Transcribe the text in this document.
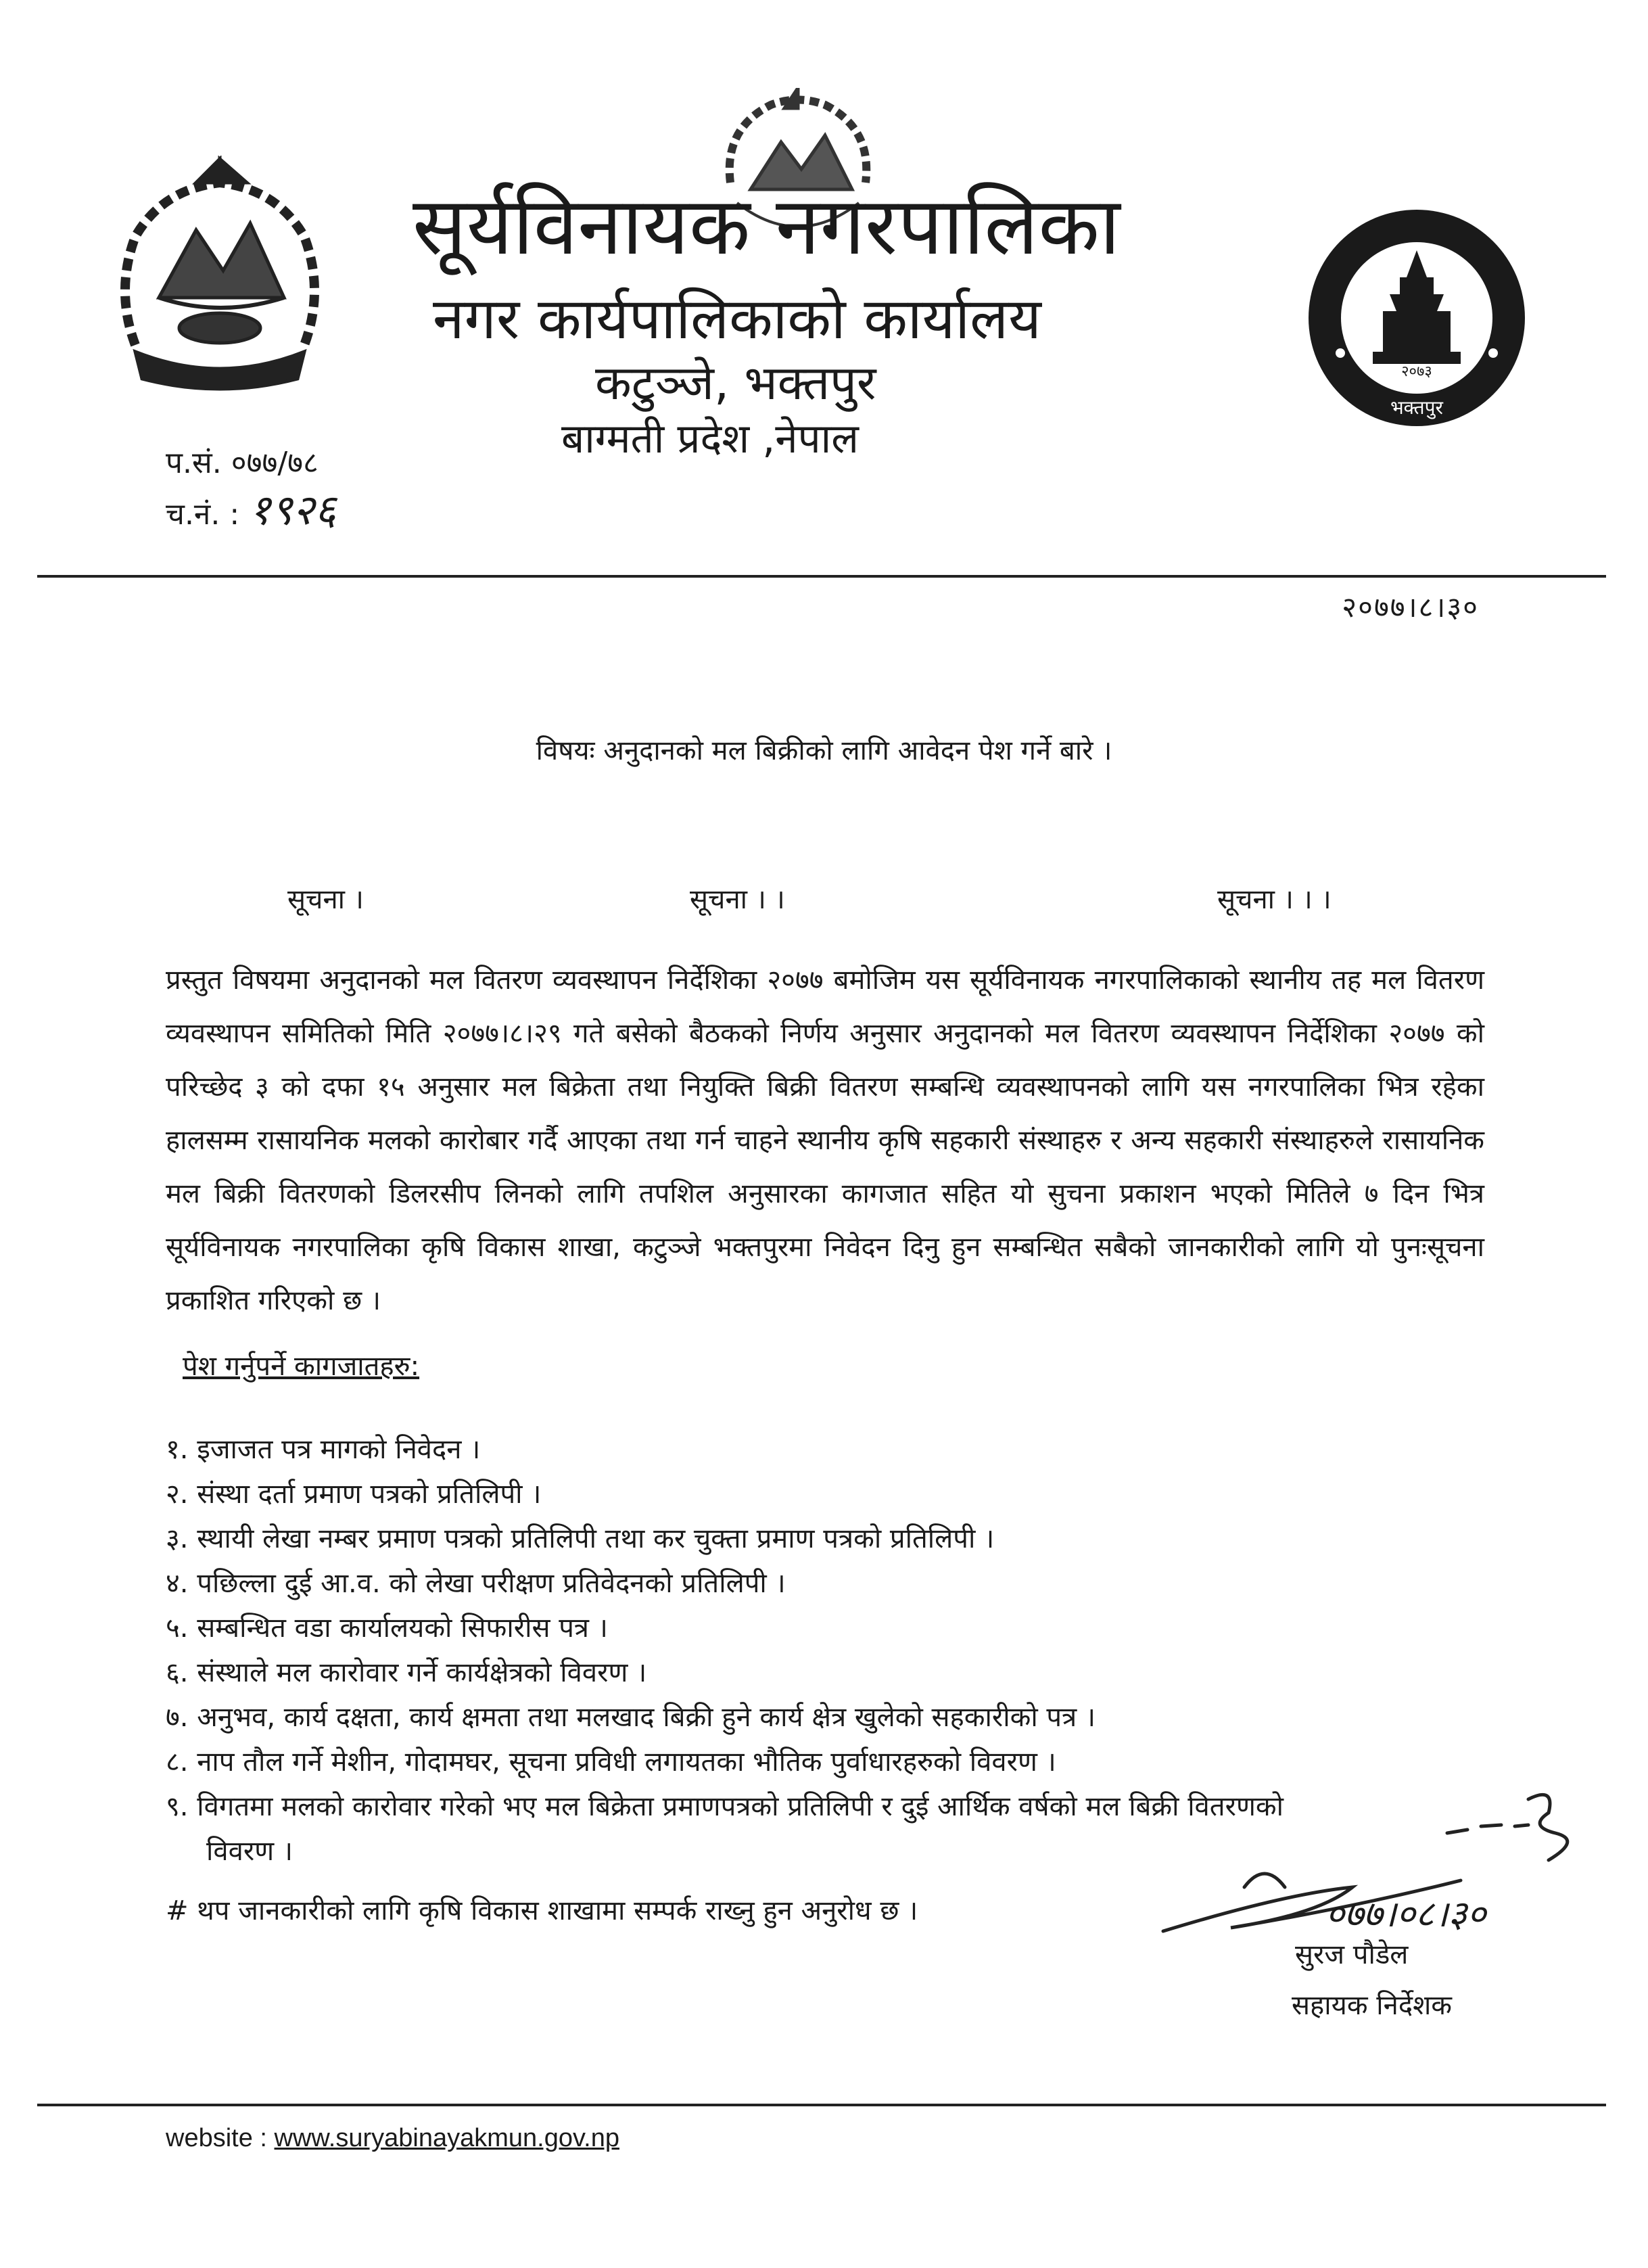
२०७३
भक्तपुर
सूर्यविनायक नगरपालिका
नगर कार्यपालिकाको कार्यालय
कटुञ्जे, भक्तपुर
बाग्मती प्रदेश ,नेपाल
प.सं. ०७७/७८
च.नं. : १९२६
२०७७।८।३०
विषयः अनुदानको मल बिक्रीको लागि आवेदन पेश गर्ने बारे ।
सूचना ।	सूचना । ।	सूचना । । ।
प्रस्तुत विषयमा अनुदानको मल वितरण व्यवस्थापन निर्देशिका २०७७ बमोजिम यस सूर्यविनायक नगरपालिकाको स्थानीय तह मल वितरण व्यवस्थापन समितिको मिति २०७७।८।२९ गते बसेको बैठकको निर्णय अनुसार अनुदानको मल वितरण व्यवस्थापन निर्देशिका २०७७ को परिच्छेद ३ को दफा १५ अनुसार मल बिक्रेता तथा नियुक्ति बिक्री वितरण सम्बन्धि व्यवस्थापनको लागि यस नगरपालिका भित्र रहेका हालसम्म रासायनिक मलको कारोबार गर्दै आएका तथा गर्न चाहने स्थानीय कृषि सहकारी संस्थाहरु र अन्य सहकारी संस्थाहरुले रासायनिक मल बिक्री वितरणको डिलरसीप लिनको लागि तपशिल अनुसारका कागजात सहित यो सुचना प्रकाशन भएको मितिले ७ दिन भित्र सूर्यविनायक नगरपालिका कृषि विकास शाखा, कटुञ्जे भक्तपुरमा निवेदन दिनु हुन सम्बन्धित सबैको जानकारीको लागि यो पुनःसूचना प्रकाशित गरिएको छ ।
पेश गर्नुपर्ने कागजातहरु:
१. इजाजत पत्र मागको निवेदन ।
२. संस्था दर्ता प्रमाण पत्रको प्रतिलिपी ।
३. स्थायी लेखा नम्बर प्रमाण पत्रको प्रतिलिपी तथा कर चुक्ता प्रमाण पत्रको प्रतिलिपी ।
४. पछिल्ला दुई आ.व. को लेखा परीक्षण प्रतिवेदनको प्रतिलिपी ।
५. सम्बन्धित वडा कार्यालयको सिफारीस पत्र ।
६. संस्थाले मल कारोवार गर्ने कार्यक्षेत्रको विवरण ।
७. अनुभव, कार्य दक्षता, कार्य क्षमता तथा मलखाद बिक्री हुने कार्य क्षेत्र खुलेको सहकारीको पत्र ।
८. नाप तौल गर्ने मेशीन, गोदामघर, सूचना प्रविधी लगायतका भौतिक पुर्वाधारहरुको विवरण ।
९. विगतमा मलको कारोवार गरेको भए मल बिक्रेता प्रमाणपत्रको प्रतिलिपी र दुई आर्थिक वर्षको मल बिक्री वितरणको
विवरण ।
# थप जानकारीको लागि कृषि विकास शाखामा सम्पर्क राख्नु हुन अनुरोध छ ।	०७७।०८।३०
सुरज पौडेल
सहायक निर्देशक
website : www.suryabinayakmun.gov.np
